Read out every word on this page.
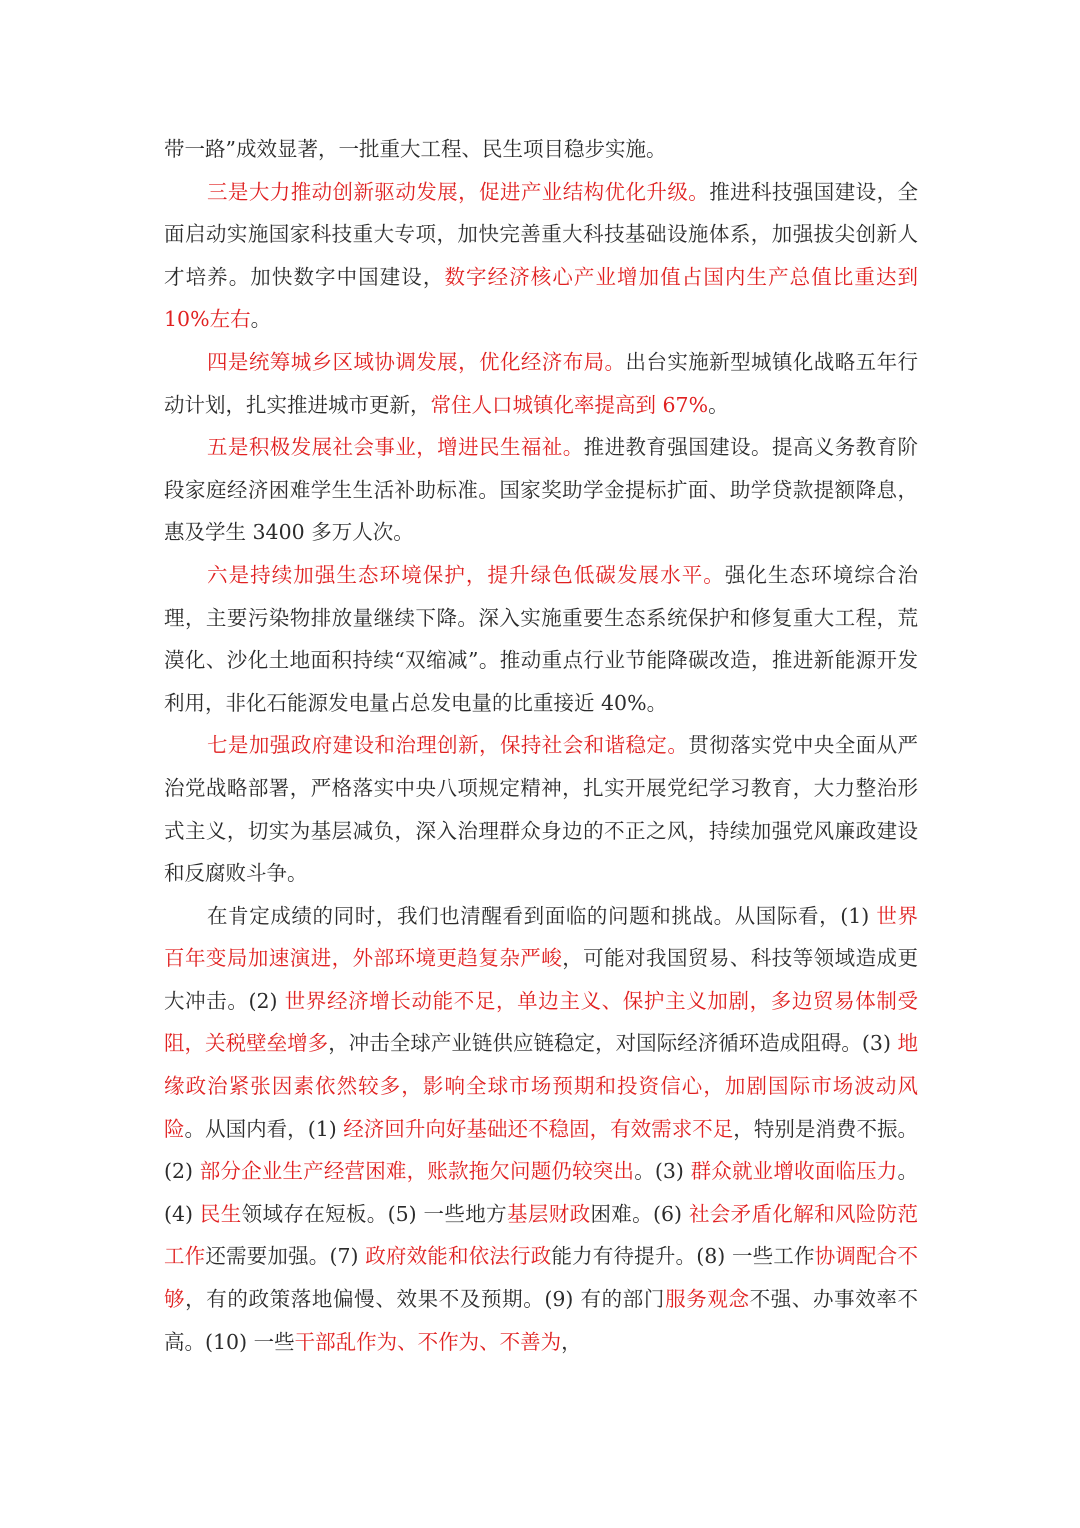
带一路”成效显著，一批重大工程、民生项目稳步实施。

三是大力推动创新驱动发展，促进产业结构优化升级。推进科技强国建设，全面启动实施国家科技重大专项，加快完善重大科技基础设施体系，加强拔尖创新人才培养。加快数字中国建设，数字经济核心产业增加值占国内生产总值比重达到 10%左右。

四是统筹城乡区域协调发展，优化经济布局。出台实施新型城镇化战略五年行动计划，扎实推进城市更新，常住人口城镇化率提高到 67%。

五是积极发展社会事业，增进民生福祉。推进教育强国建设。提高义务教育阶段家庭经济困难学生生活补助标准。国家奖助学金提标扩面、助学贷款提额降息，惠及学生 3400 多万人次。

六是持续加强生态环境保护，提升绿色低碳发展水平。强化生态环境综合治理，主要污染物排放量继续下降。深入实施重要生态系统保护和修复重大工程，荒漠化、沙化土地面积持续“双缩减”。推动重点行业节能降碳改造，推进新能源开发利用，非化石能源发电量占总发电量的比重接近 40%。

七是加强政府建设和治理创新，保持社会和谐稳定。贯彻落实党中央全面从严治党战略部署，严格落实中央八项规定精神，扎实开展党纪学习教育，大力整治形式主义，切实为基层减负，深入治理群众身边的不正之风，持续加强党风廉政建设和反腐败斗争。

在肯定成绩的同时，我们也清醒看到面临的问题和挑战。从国际看，(1) 世界百年变局加速演进，外部环境更趋复杂严峻，可能对我国贸易、科技等领域造成更大冲击。(2) 世界经济增长动能不足，单边主义、保护主义加剧，多边贸易体制受阻，关税壁垒增多，冲击全球产业链供应链稳定，对国际经济循环造成阻碍。(3) 地缘政治紧张因素依然较多，影响全球市场预期和投资信心，加剧国际市场波动风险。从国内看，(1) 经济回升向好基础还不稳固，有效需求不足，特别是消费不振。(2) 部分企业生产经营困难，账款拖欠问题仍较突出。(3) 群众就业增收面临压力。(4) 民生领域存在短板。(5) 一些地方基层财政困难。(6) 社会矛盾化解和风险防范工作还需要加强。(7) 政府效能和依法行政能力有待提升。(8) 一些工作协调配合不够，有的政策落地偏慢、效果不及预期。(9) 有的部门服务观念不强、办事效率不高。(10) 一些干部乱作为、不作为、不善为，
